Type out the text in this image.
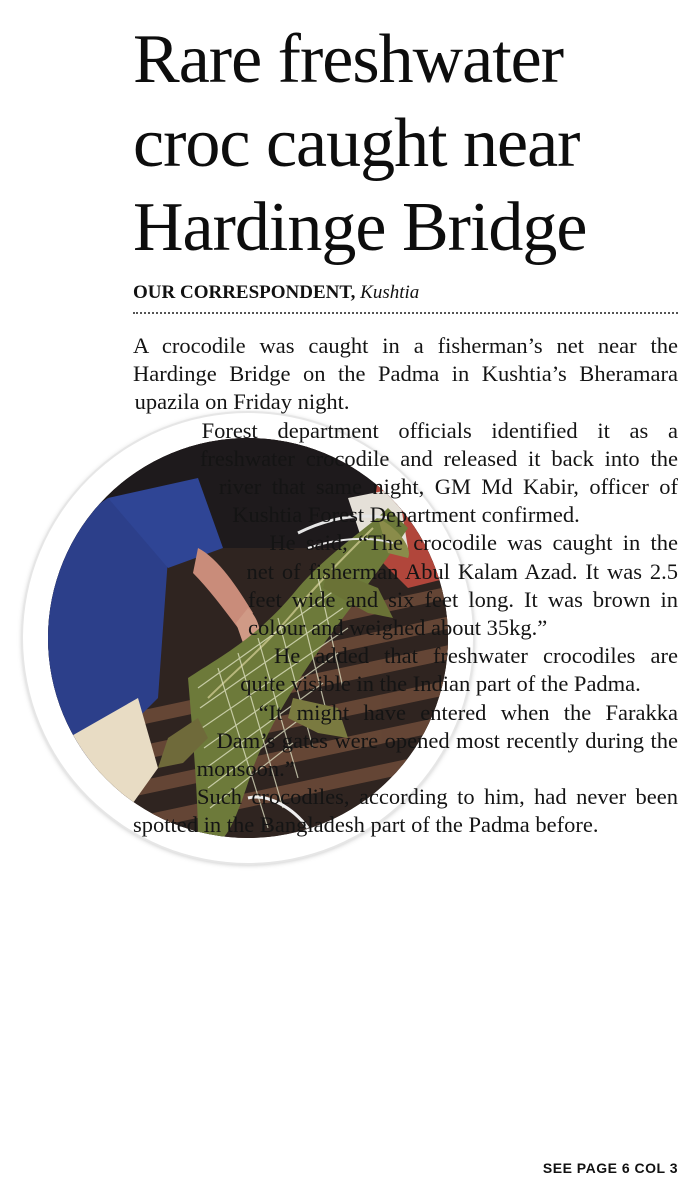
Rare freshwater
croc caught near
Hardinge Bridge
OUR CORRESPONDENT, Kushtia

A crocodile was caught in a fisherman’s net near the Hardinge Bridge on the Padma in Kushtia’s Bheramara upazila on Friday night.

Forest department officials identified it as a freshwater crocodile and released it back into the river that same night, GM Md Kabir, officer of Kushtia Forest Department confirmed.

He said, “The crocodile was caught in the net of fisherman Abul Kalam Azad. It was 2.5 feet wide and six feet long. It was brown in colour and weighed about 35kg.”

He added that freshwater crocodiles are quite visible in the Indian part of the Padma.

“It might have entered when the Farakka Dam’s gates were opened most recently during the monsoon.”

Such crocodiles, according to him, had never been spotted in the Bangladesh part of the Padma before.

SEE PAGE 6 COL 3
